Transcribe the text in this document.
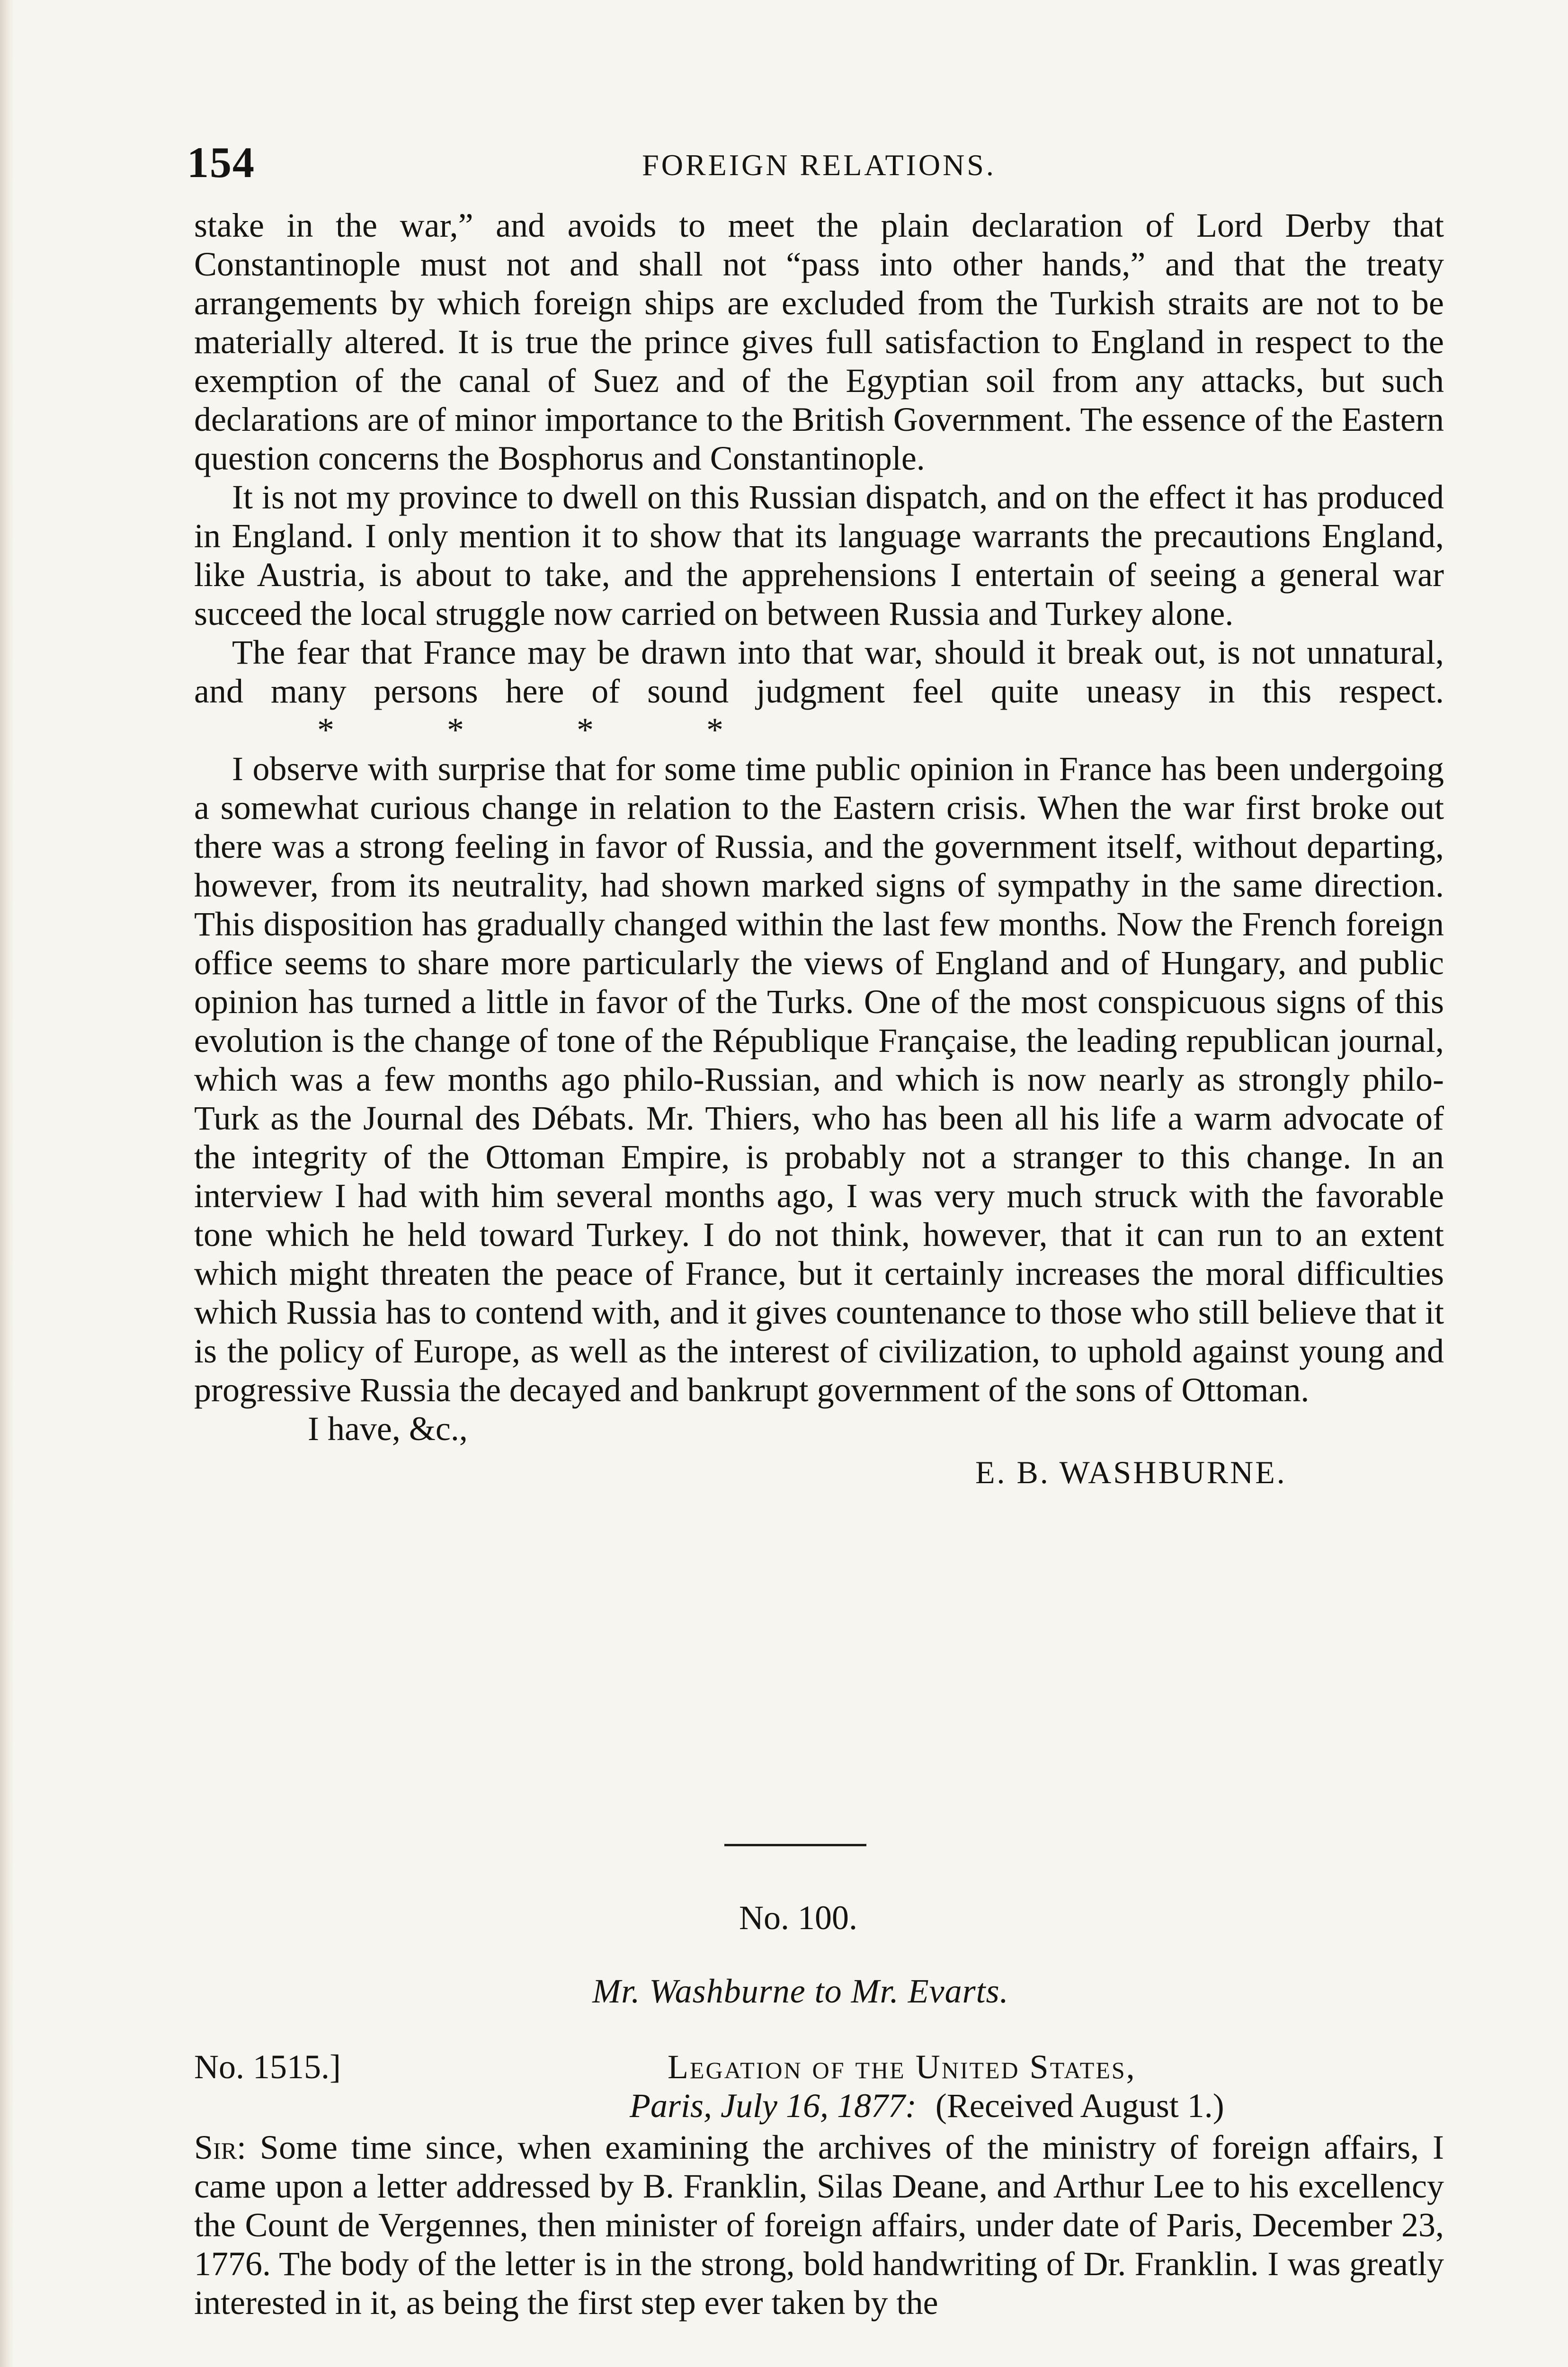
154	FOREIGN RELATIONS.

stake in the war,” and avoids to meet the plain declaration of Lord Derby that Constantinople must not and shall not “pass into other hands,” and that the treaty arrangements by which foreign ships are excluded from the Turkish straits are not to be materially altered. It is true the prince gives full satisfaction to England in respect to the exemption of the canal of Suez and of the Egyptian soil from any attacks, but such declarations are of minor importance to the British Government. The essence of the Eastern question concerns the Bosphorus and Constantinople.

It is not my province to dwell on this Russian dispatch, and on the effect it has produced in England. I only mention it to show that its language warrants the precautions England, like Austria, is about to take, and the apprehensions I entertain of seeing a general war succeed the local struggle now carried on between Russia and Turkey alone.

The fear that France may be drawn into that war, should it break out, is not unnatural, and many persons here of sound judgment feel quite uneasy in this respect.* * * *

I observe with surprise that for some time public opinion in France has been undergoing a somewhat curious change in relation to the Eastern crisis. When the war first broke out there was a strong feeling in favor of Russia, and the government itself, without departing, however, from its neutrality, had shown marked signs of sympathy in the same direction. This disposition has gradually changed within the last few months. Now the French foreign office seems to share more particularly the views of England and of Hungary, and public opinion has turned a little in favor of the Turks. One of the most conspicuous signs of this evolution is the change of tone of the République Française, the leading republican journal, which was a few months ago philo-Russian, and which is now nearly as strongly philo-Turk as the Journal des Débats. Mr. Thiers, who has been all his life a warm advocate of the integrity of the Ottoman Empire, is probably not a stranger to this change. In an interview I had with him several months ago, I was very much struck with the favorable tone which he held toward Turkey. I do not think, however, that it can run to an extent which might threaten the peace of France, but it certainly increases the moral difficulties which Russia has to contend with, and it gives countenance to those who still believe that it is the policy of Europe, as well as the interest of civilization, to uphold against young and progressive Russia the decayed and bankrupt government of the sons of Ottoman.

I have, &c.,

E. B. WASHBURNE.

No. 100.
Mr. Washburne to Mr. Evarts.
No. 1515.]	Legation of the United States,
Paris, July 16, 1877: (Received August 1.)

Sir: Some time since, when examining the archives of the ministry of foreign affairs, I came upon a letter addressed by B. Franklin, Silas Deane, and Arthur Lee to his excellency the Count de Vergennes, then minister of foreign affairs, under date of Paris, December 23, 1776. The body of the letter is in the strong, bold handwriting of Dr. Franklin. I was greatly interested in it, as being the first step ever taken by the
